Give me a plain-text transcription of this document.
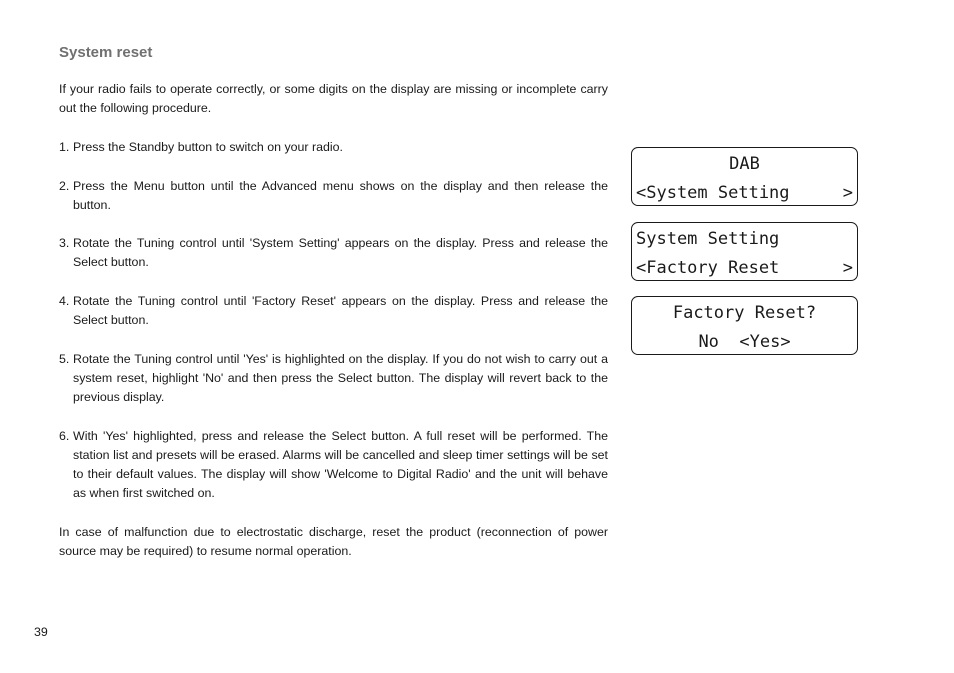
System reset

If your radio fails to operate correctly, or some digits on the display are missing or incomplete carry out the following procedure.

1. Press the Standby button to switch on your radio.
2. Press the Menu button until the Advanced menu shows on the display and then release the button.
3. Rotate the Tuning control until 'System Setting' appears on the display. Press and release the Select button.
4. Rotate the Tuning control until 'Factory Reset' appears on the display. Press and release the Select button.
5. Rotate the Tuning control until 'Yes' is highlighted on the display. If you do not wish to carry out a system reset, highlight 'No' and then press the Select button. The display will revert back to the previous display.
6. With 'Yes' highlighted, press and release the Select button. A full reset will be performed. The station list and presets will be erased. Alarms will be cancelled and sleep timer settings will be set to their default values. The display will show 'Welcome to Digital Radio' and the unit will behave as when first switched on.

In case of malfunction due to electrostatic discharge, reset the product (reconnection of power source may be required) to resume normal operation.

39
DAB
<System Setting	>
System Setting
<Factory Reset	>
Factory Reset?
No  <Yes>
